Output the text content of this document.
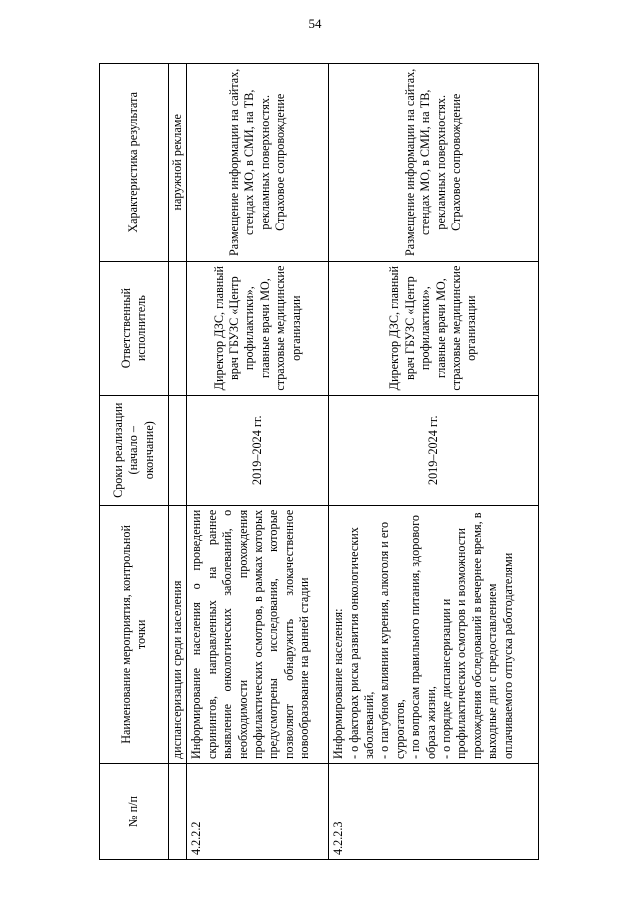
54
№ п/п	Наименование мероприятия, контрольной точки	Сроки реализации (начало – окончание)	Ответственный исполнитель	Характеристика результата
	диспансеризации среди населения			наружной рекламе
4.2.2.2	Информирование населения о проведении скринингов, направленных на раннее выявление онкологических заболеваний, о необходимости прохождения профилактических осмотров, в рамках которых предусмотрены исследования, которые позволяют обнаружить злокачественное новообразование на ранней стадии	2019–2024 гг.	Директор ДЗС, главный врач ГБУЗС «Центр профилактики», главные врачи МО, страховые медицинские организации	Размещение информации на сайтах, стендах МО, в СМИ, на ТВ, рекламных поверхностях. Страховое сопровождение
4.2.2.3	Информирование населения: - о факторах риска развития онкологических заболеваний, - о пагубном влиянии курения, алкоголя и его суррогатов, - по вопросам правильного питания, здорового образа жизни, - о порядке диспансеризации и профилактических осмотров и возможности прохождения обследований в вечернее время, в выходные дни с предоставлением оплачиваемого отпуска работодателями	2019–2024 гг.	Директор ДЗС, главный врач ГБУЗС «Центр профилактики», главные врачи МО, страховые медицинские организации	Размещение информации на сайтах, стендах МО, в СМИ, на ТВ, рекламных поверхностях. Страховое сопровождение
